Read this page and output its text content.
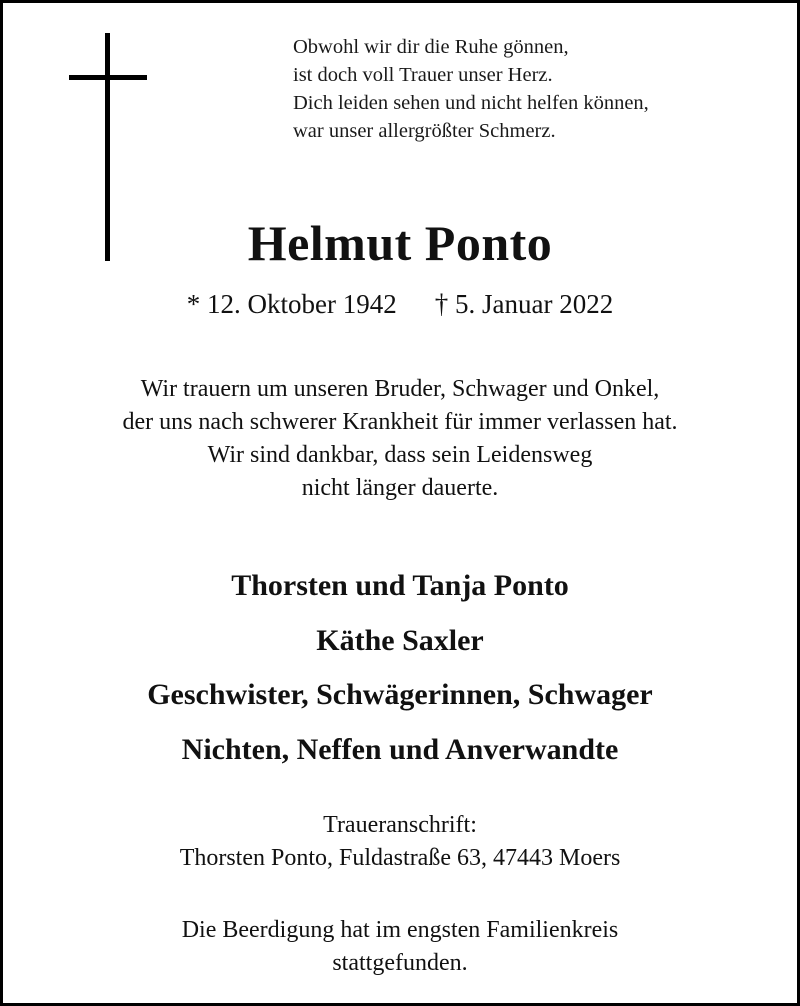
Obwohl wir dir die Ruhe gönnen,
ist doch voll Trauer unser Herz.
Dich leiden sehen und nicht helfen können,
war unser allergrößter Schmerz.
Helmut Ponto
* 12. Oktober 1942 † 5. Januar 2022
Wir trauern um unseren Bruder, Schwager und Onkel,
der uns nach schwerer Krankheit für immer verlassen hat.
Wir sind dankbar, dass sein Leidensweg
nicht länger dauerte.
Thorsten und Tanja Ponto
Käthe Saxler
Geschwister, Schwägerinnen, Schwager
Nichten, Neffen und Anverwandte
Traueranschrift:
Thorsten Ponto, Fuldastraße 63, 47443 Moers
Die Beerdigung hat im engsten Familienkreis
stattgefunden.
